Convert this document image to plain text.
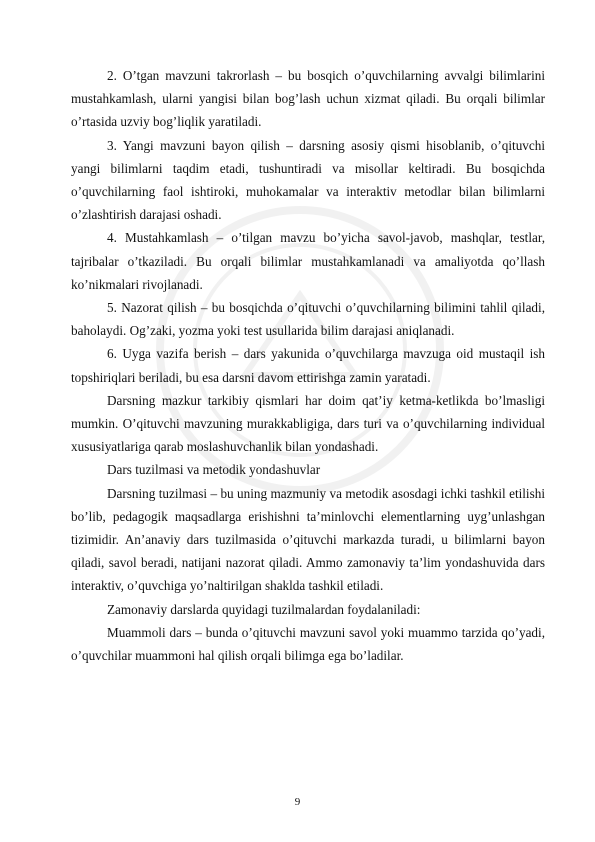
2. O’tgan mavzuni takrorlash – bu bosqich o’quvchilarning avvalgi bilimlarini mustahkamlash, ularni yangisi bilan bog’lash uchun xizmat qiladi. Bu orqali bilimlar o’rtasida uzviy bog’liqlik yaratiladi.

3. Yangi mavzuni bayon qilish – darsning asosiy qismi hisoblanib, o’qituvchi yangi bilimlarni taqdim etadi, tushuntiradi va misollar keltiradi. Bu bosqichda o’quvchilarning faol ishtiroki, muhokamalar va interaktiv metodlar bilan bilimlarni o’zlashtirish darajasi oshadi.

4. Mustahkamlash – o’tilgan mavzu bo’yicha savol-javob, mashqlar, testlar, tajribalar o’tkaziladi. Bu orqali bilimlar mustahkamlanadi va amaliyotda qo’llash ko’nikmalari rivojlanadi.

5. Nazorat qilish – bu bosqichda o’qituvchi o’quvchilarning bilimini tahlil qiladi, baholaydi. Og’zaki, yozma yoki test usullarida bilim darajasi aniqlanadi.

6. Uyga vazifa berish – dars yakunida o’quvchilarga mavzuga oid mustaqil ish topshiriqlari beriladi, bu esa darsni davom ettirishga zamin yaratadi.

Darsning mazkur tarkibiy qismlari har doim qat’iy ketma-ketlikda bo’lmasligi mumkin. O’qituvchi mavzuning murakkabligiga, dars turi va o’quvchilarning individual xususiyatlariga qarab moslashuvchanlik bilan yondashadi.

Dars tuzilmasi va metodik yondashuvlar

Darsning tuzilmasi – bu uning mazmuniy va metodik asosdagi ichki tashkil etilishi bo’lib, pedagogik maqsadlarga erishishni ta’minlovchi elementlarning uyg’unlashgan tizimidir. An’anaviy dars tuzilmasida o’qituvchi markazda turadi, u bilimlarni bayon qiladi, savol beradi, natijani nazorat qiladi. Ammo zamonaviy ta’lim yondashuvida dars interaktiv, o’quvchiga yo’naltirilgan shaklda tashkil etiladi.

Zamonaviy darslarda quyidagi tuzilmalardan foydalaniladi:

Muammoli dars – bunda o’qituvchi mavzuni savol yoki muammo tarzida qo’yadi, o’quvchilar muammoni hal qilish orqali bilimga ega bo’ladilar.

9
